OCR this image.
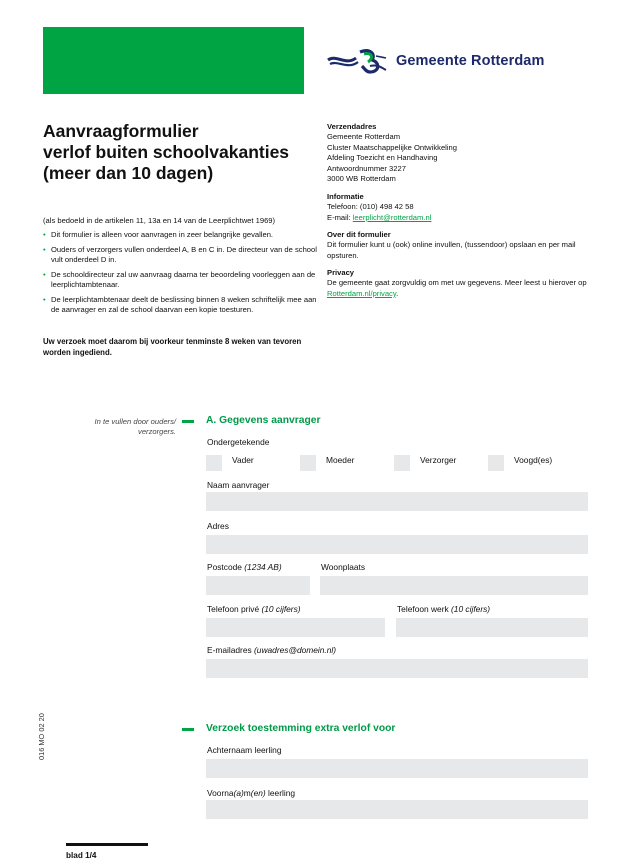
Gemeente Rotterdam
Aanvraagformulier
verlof buiten schoolvakanties
(meer dan 10 dagen)
(als bedoeld in de artikelen 11, 13a en 14 van de Leerplichtwet 1969)
• Dit formulier is alleen voor aanvragen in zeer belangrijke gevallen.
• Ouders of verzorgers vullen onderdeel A, B en C in. De directeur van de school vult onderdeel D in.
• De schooldirecteur zal uw aanvraag daarna ter beoordeling voorleggen aan de leerplichtambtenaar.
• De leerplichtambtenaar deelt de beslissing binnen 8 weken schriftelijk mee aan de aanvrager en zal de school daarvan een kopie toesturen.
Uw verzoek moet daarom bij voorkeur tenminste 8 weken van tevoren worden ingediend.
Verzendadres
Gemeente Rotterdam
Cluster Maatschappelijke Ontwikkeling
Afdeling Toezicht en Handhaving
Antwoordnummer 3227
3000 WB Rotterdam
Informatie
Telefoon: (010) 498 42 58
E-mail: leerplicht@rotterdam.nl
Over dit formulier
Dit formulier kunt u (ook) online invullen, (tussendoor) opslaan en per mail opsturen.
Privacy
De gemeente gaat zorgvuldig om met uw gegevens. Meer leest u hierover op Rotterdam.nl/privacy.
In te vullen door ouders/ verzorgers.
A. Gegevens aanvrager
Ondergetekende
Vader	Moeder	Verzorger	Voogd(es)
Naam aanvrager
Adres
Postcode (1234 AB)	Woonplaats
Telefoon privé (10 cijfers)	Telefoon werk (10 cijfers)
E-mailadres (uwadres@domein.nl)
Verzoek toestemming extra verlof voor
Achternaam leerling
Voorna(a)m(en) leerling
016 MO 02 20
blad 1/4
